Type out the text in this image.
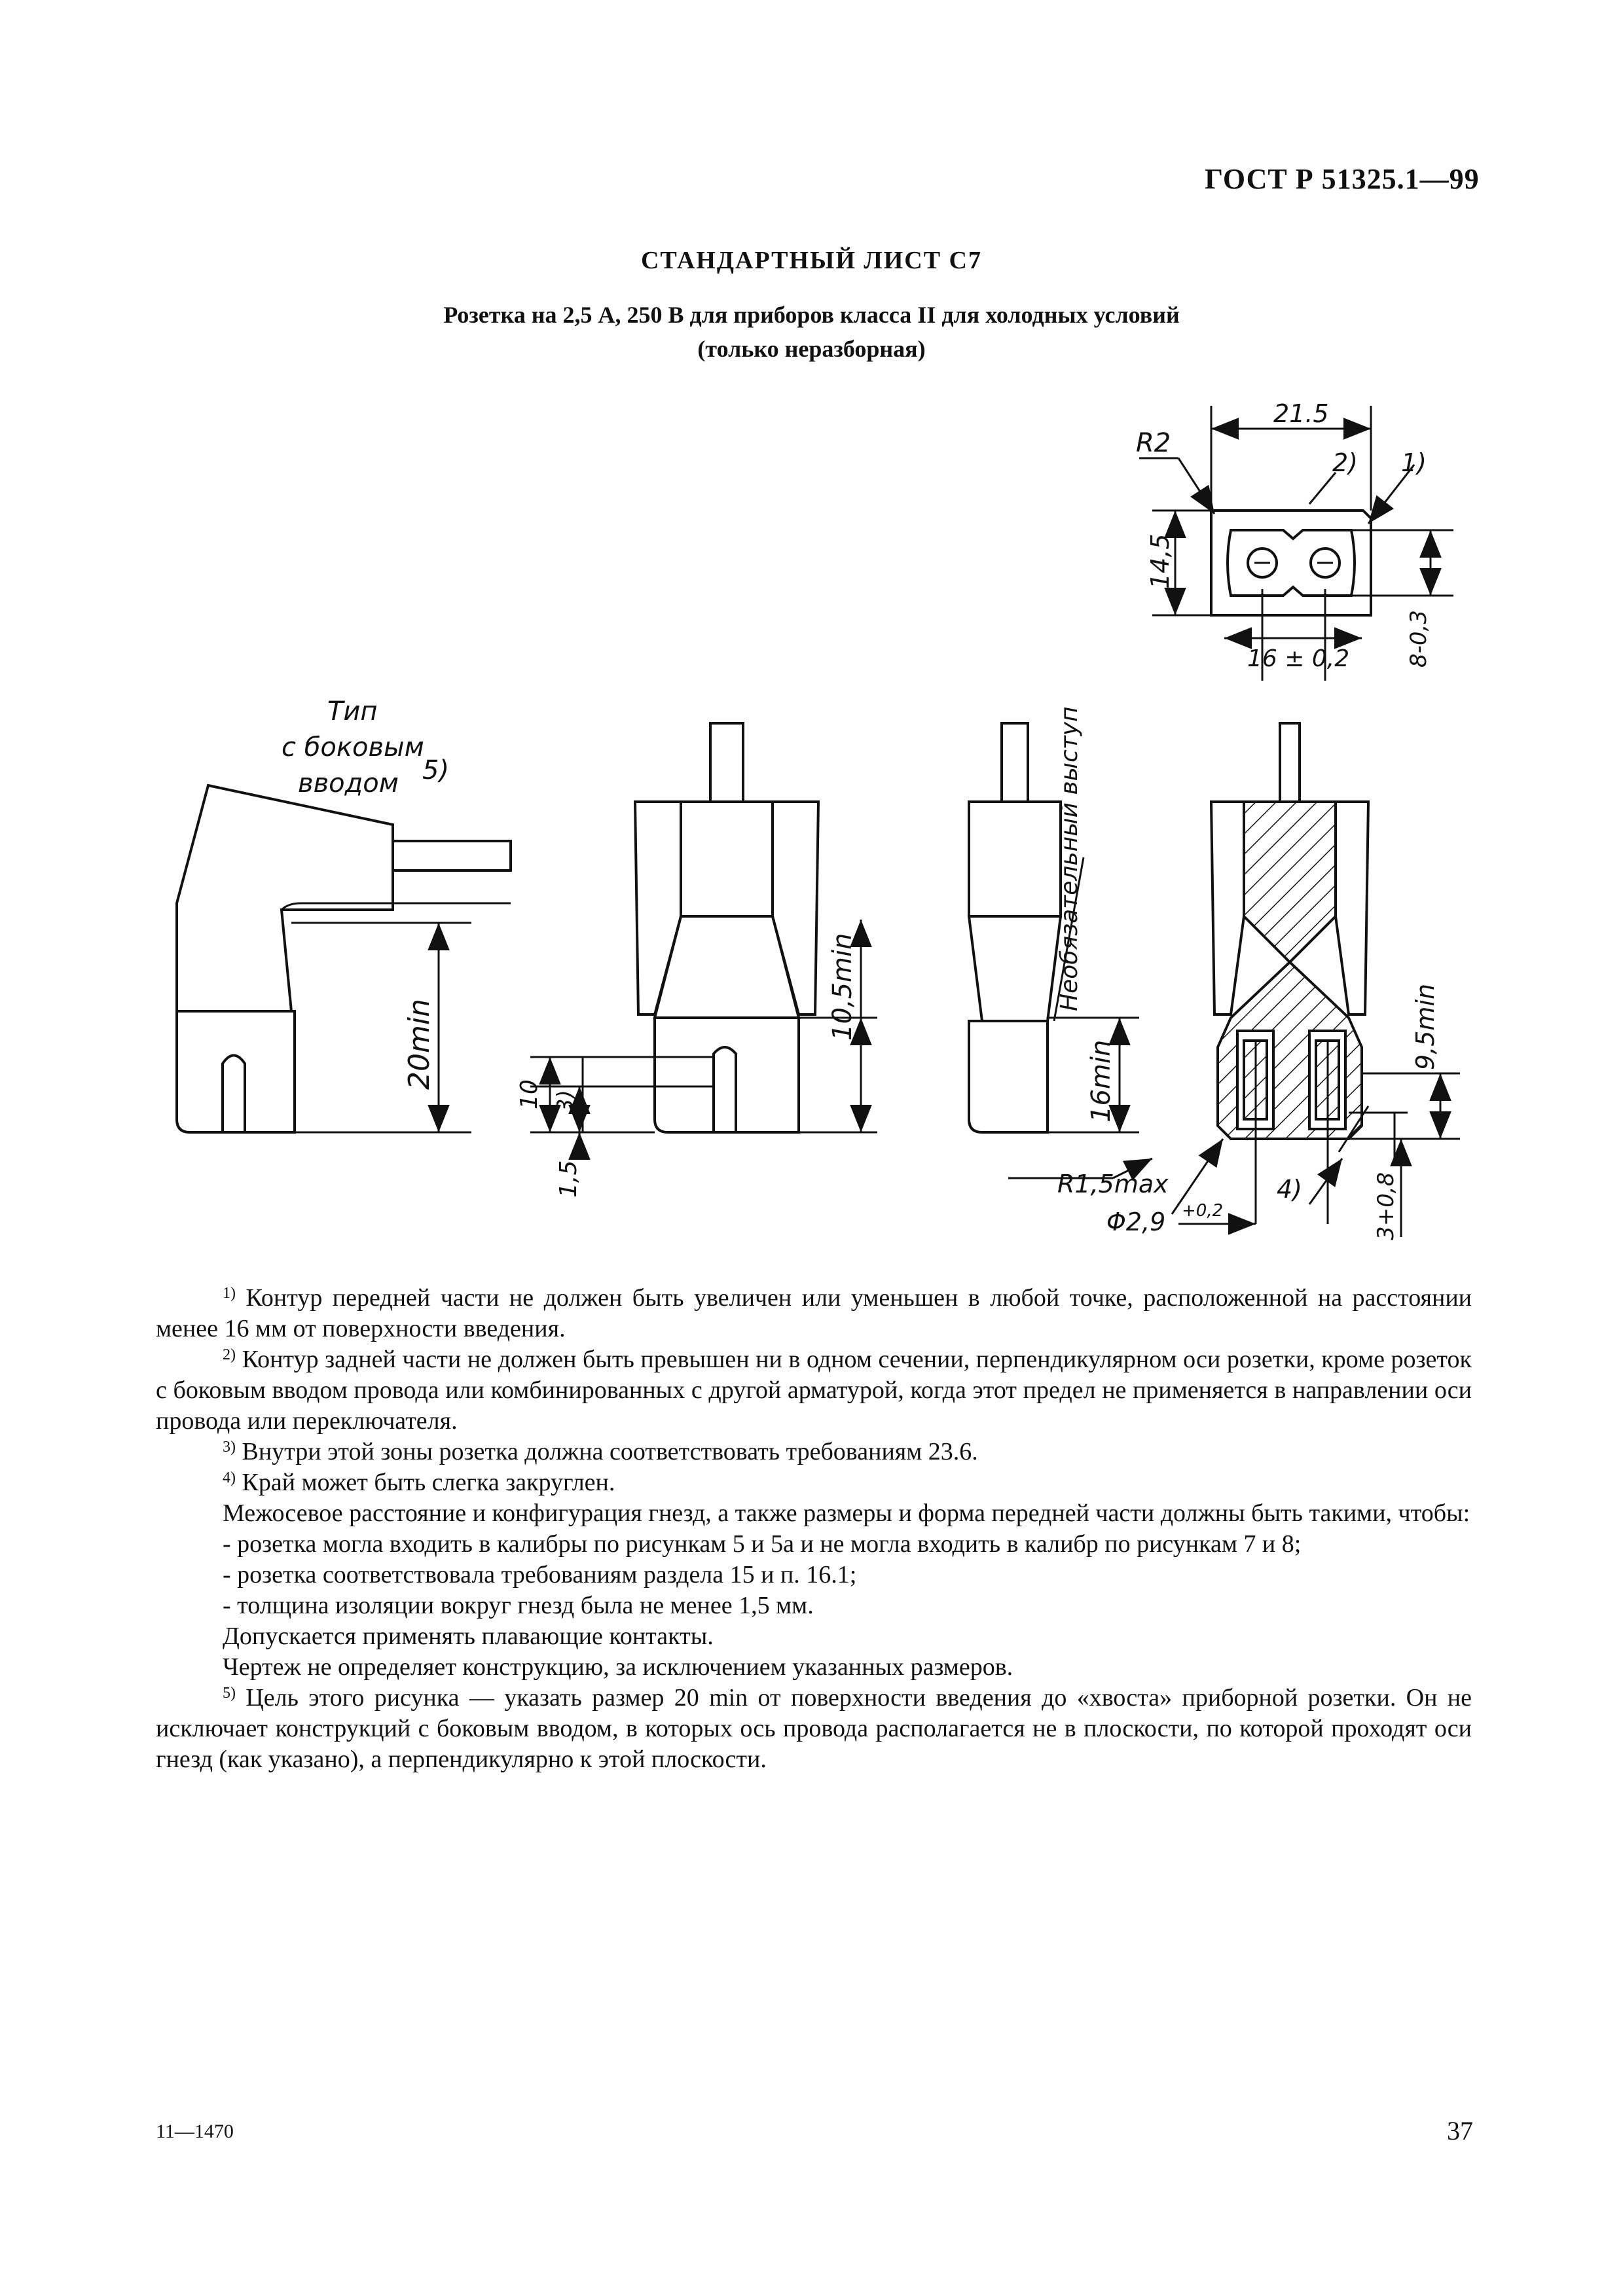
ГОСТ Р 51325.1—99
СТАНДАРТНЫЙ ЛИСТ C7
Розетка на 2,5 А, 250 В для приборов класса II для холодных условий
(только неразборная)
R2
21.5
2) 1)
14,5
16 ± 0,2	8-0,3
Тип
с боковым
вводом 5)
20min
10,5min
10 3)
1,5
16min
Необязательный выступ
R1,5max
Φ2,9 +0,2
4)
9,5min
3+0,8

$^{1)}$ Контур передней части не должен быть увеличен или уменьшен в любой точке, расположенной на расстоянии менее 16 мм от поверхности введения.

$^{2)}$ Контур задней части не должен быть превышен ни в одном сечении, перпендикулярном оси розетки, кроме розеток с боковым вводом провода или комбинированных с другой арматурой, когда этот предел не применяется в направлении оси провода или переключателя.

$^{3)}$ Внутри этой зоны розетка должна соответствовать требованиям 23.6.

$^{4)}$ Край может быть слегка закруглен.

Межосевое расстояние и конфигурация гнезд, а также размеры и форма передней части должны быть такими, чтобы:

- розетка могла входить в калибры по рисункам 5 и 5а и не могла входить в калибр по рисункам 7 и 8;

- розетка соответствовала требованиям раздела 15 и п. 16.1;

- толщина изоляции вокруг гнезд была не менее 1,5 мм.

Допускается применять плавающие контакты.

Чертеж не определяет конструкцию, за исключением указанных размеров.

$^{5)}$ Цель этого рисунка — указать размер 20 min от поверхности введения до «хвоста» приборной розетки. Он не исключает конструкций с боковым вводом, в которых ось провода располагается не в плоскости, по которой проходят оси гнезд (как указано), а перпендикулярно к этой плоскости.

11—1470	37
